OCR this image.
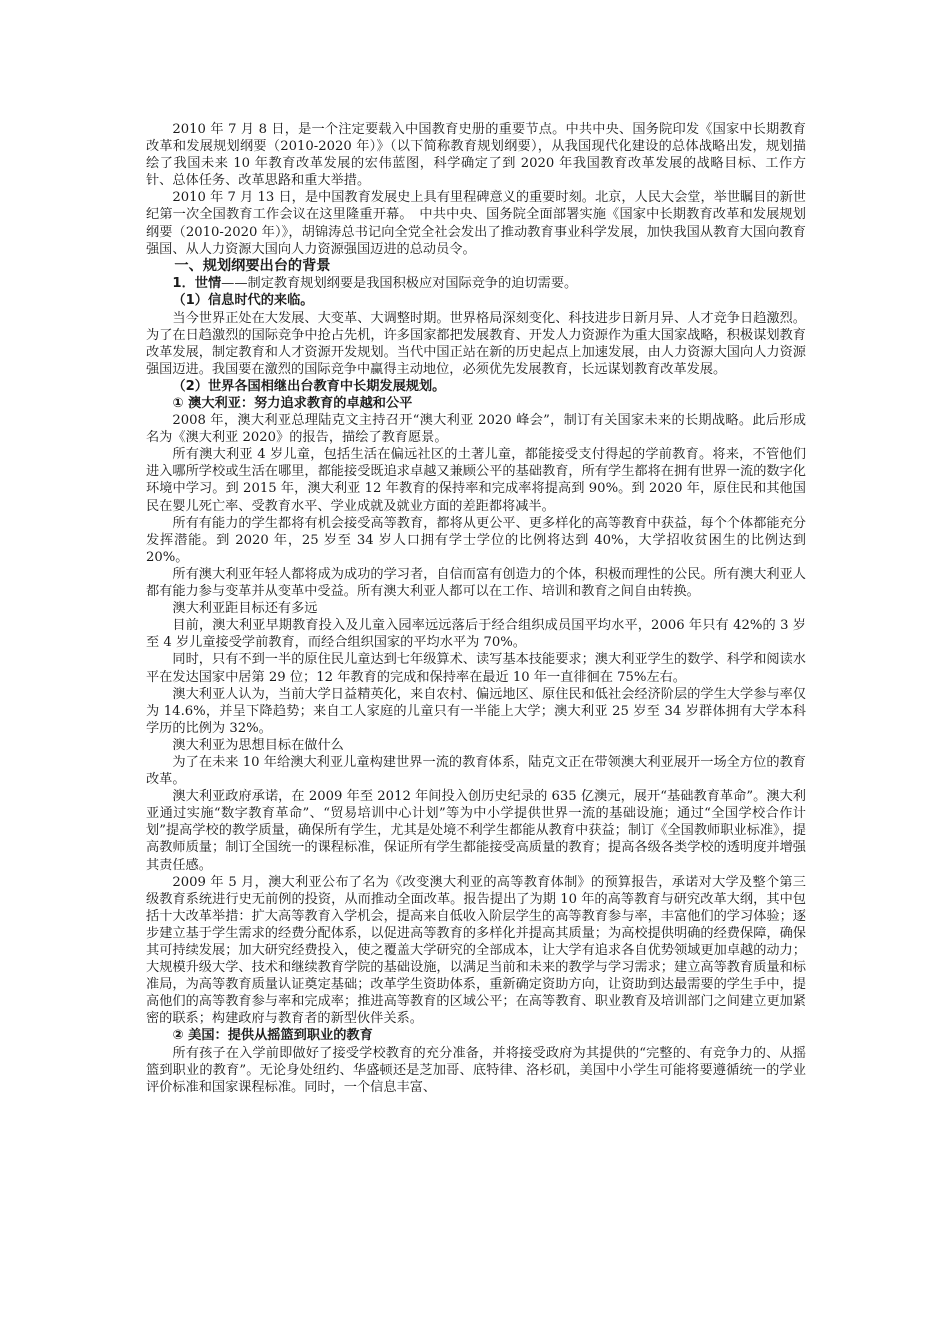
2010 年 7 月 8 日，是一个注定要载入中国教育史册的重要节点。中共中央、国务院印发《国家中长期教育改革和发展规划纲要（2010-2020 年）》（以下简称教育规划纲要），从我国现代化建设的总体战略出发，规划描绘了我国未来 10 年教育改革发展的宏伟蓝图，科学确定了到 2020 年我国教育改革发展的战略目标、工作方针、总体任务、改革思路和重大举措。

2010 年 7 月 13 日，是中国教育发展史上具有里程碑意义的重要时刻。北京，人民大会堂，举世瞩目的新世纪第一次全国教育工作会议在这里隆重开幕。　中共中央、国务院全面部署实施《国家中长期教育改革和发展规划纲要（2010-2020 年）》，胡锦涛总书记向全党全社会发出了推动教育事业科学发展，加快我国从教育大国向教育强国、从人力资源大国向人力资源强国迈进的总动员令。

一、规划纲要出台的背景

1．世情——制定教育规划纲要是我国积极应对国际竞争的迫切需要。

（1）信息时代的来临。

当今世界正处在大发展、大变革、大调整时期。世界格局深刻变化、科技进步日新月异、人才竞争日趋激烈。为了在日趋激烈的国际竞争中抢占先机，许多国家都把发展教育、开发人力资源作为重大国家战略，积极谋划教育改革发展，制定教育和人才资源开发规划。当代中国正站在新的历史起点上加速发展，由人力资源大国向人力资源强国迈进。我国要在激烈的国际竞争中赢得主动地位，必须优先发展教育，长远谋划教育改革发展。

（2）世界各国相继出台教育中长期发展规划。

① 澳大利亚：努力追求教育的卓越和公平

2008 年，澳大利亚总理陆克文主持召开“澳大利亚 2020 峰会”，制订有关国家未来的长期战略。此后形成名为《澳大利亚 2020》的报告，描绘了教育愿景。

所有澳大利亚 4 岁儿童，包括生活在偏远社区的土著儿童，都能接受支付得起的学前教育。将来，不管他们进入哪所学校或生活在哪里，都能接受既追求卓越又兼顾公平的基础教育，所有学生都将在拥有世界一流的数字化环境中学习。到 2015 年，澳大利亚 12 年教育的保持率和完成率将提高到 90%。到 2020 年，原住民和其他国民在婴儿死亡率、受教育水平、学业成就及就业方面的差距都将减半。

所有有能力的学生都将有机会接受高等教育，都将从更公平、更多样化的高等教育中获益，每个个体都能充分发挥潜能。到 2020 年，25 岁至 34 岁人口拥有学士学位的比例将达到 40%，大学招收贫困生的比例达到 20%。

所有澳大利亚年轻人都将成为成功的学习者，自信而富有创造力的个体，积极而理性的公民。所有澳大利亚人都有能力参与变革并从变革中受益。所有澳大利亚人都可以在工作、培训和教育之间自由转换。

澳大利亚距目标还有多远

目前，澳大利亚早期教育投入及儿童入园率远远落后于经合组织成员国平均水平，2006 年只有 42%的 3 岁至 4 岁儿童接受学前教育，而经合组织国家的平均水平为 70%。

同时，只有不到一半的原住民儿童达到七年级算术、读写基本技能要求；澳大利亚学生的数学、科学和阅读水平在发达国家中居第 29 位；12 年教育的完成和保持率在最近 10 年一直徘徊在 75%左右。

澳大利亚人认为，当前大学日益精英化，来自农村、偏远地区、原住民和低社会经济阶层的学生大学参与率仅为 14.6%，并呈下降趋势；来自工人家庭的儿童只有一半能上大学；澳大利亚 25 岁至 34 岁群体拥有大学本科学历的比例为 32%。

澳大利亚为思想目标在做什么

为了在未来 10 年给澳大利亚儿童构建世界一流的教育体系，陆克文正在带领澳大利亚展开一场全方位的教育改革。

澳大利亚政府承诺，在 2009 年至 2012 年间投入创历史纪录的 635 亿澳元，展开“基础教育革命”。澳大利亚通过实施“数字教育革命”、“贸易培训中心计划”等为中小学提供世界一流的基础设施；通过“全国学校合作计划”提高学校的教学质量，确保所有学生，尤其是处境不利学生都能从教育中获益；制订《全国教师职业标准》，提高教师质量；制订全国统一的课程标准，保证所有学生都能接受高质量的教育；提高各级各类学校的透明度并增强其责任感。

2009 年 5 月，澳大利亚公布了名为《改变澳大利亚的高等教育体制》的预算报告，承诺对大学及整个第三级教育系统进行史无前例的投资，从而推动全面改革。报告提出了为期 10 年的高等教育与研究改革大纲，其中包括十大改革举措：扩大高等教育入学机会，提高来自低收入阶层学生的高等教育参与率，丰富他们的学习体验；逐步建立基于学生需求的经费分配体系，以促进高等教育的多样化并提高其质量；为高校提供明确的经费保障，确保其可持续发展；加大研究经费投入，使之覆盖大学研究的全部成本，让大学有追求各自优势领域更加卓越的动力；大规模升级大学、技术和继续教育学院的基础设施，以满足当前和未来的教学与学习需求；建立高等教育质量和标准局，为高等教育质量认证奠定基础；改革学生资助体系，重新确定资助方向，让资助到达最需要的学生手中，提高他们的高等教育参与率和完成率；推进高等教育的区域公平；在高等教育、职业教育及培训部门之间建立更加紧密的联系；构建政府与教育者的新型伙伴关系。

② 美国：提供从摇篮到职业的教育

所有孩子在入学前即做好了接受学校教育的充分准备，并将接受政府为其提供的“完整的、有竞争力的、从摇篮到职业的教育”。无论身处纽约、华盛顿还是芝加哥、底特律、洛杉矶，美国中小学生可能将要遵循统一的学业评价标准和国家课程标准。同时，一个信息丰富、
